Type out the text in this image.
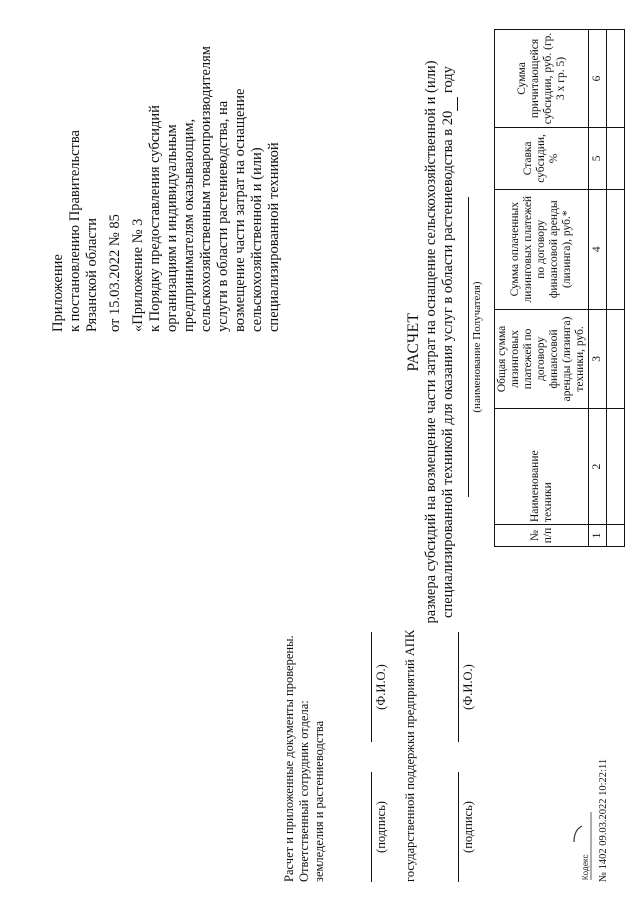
Приложение к постановлению Правительства Рязанской области от 15.03.2022 № 85 «Приложение № 3 к Порядку предоставления субсидий организациям и индивидуальным предпринимателям оказывающим, сельскохозяйственным товаропроизводителям услуги в области растениеводства, на возмещение части затрат на оснащение сельскохозяйственной и (или) специализированной техникой
Расчет и приложенные документы проверены. Ответственный сотрудник отдела: земледелия и растениеводства	(подпись)
(Ф.И.О.) государственной поддержки предприятий АПК	(подпись)
(Ф.И.О.)
РАСЧЕТ размера субсидий на возмещение части затрат на оснащение сельскохозяйственной и (или) специализированной техникой для оказания услуг в области растениеводства в 20  году
(наименование Получателя)
№ п/п	Наименование техники	Общая сумма лизинговых платежей по договору финансовой аренды (лизинга) техники, руб.	Сумма оплаченных лизинговых платежей по договору финансовой аренды (лизинга), руб.*	Ставка субсидии, %	Сумма причитающейся субсидии, руб. (гр. 3 х гр. 5)
1	2	3	4	5	6

Кодекс № 1402 09.03.2022 10:22:11
